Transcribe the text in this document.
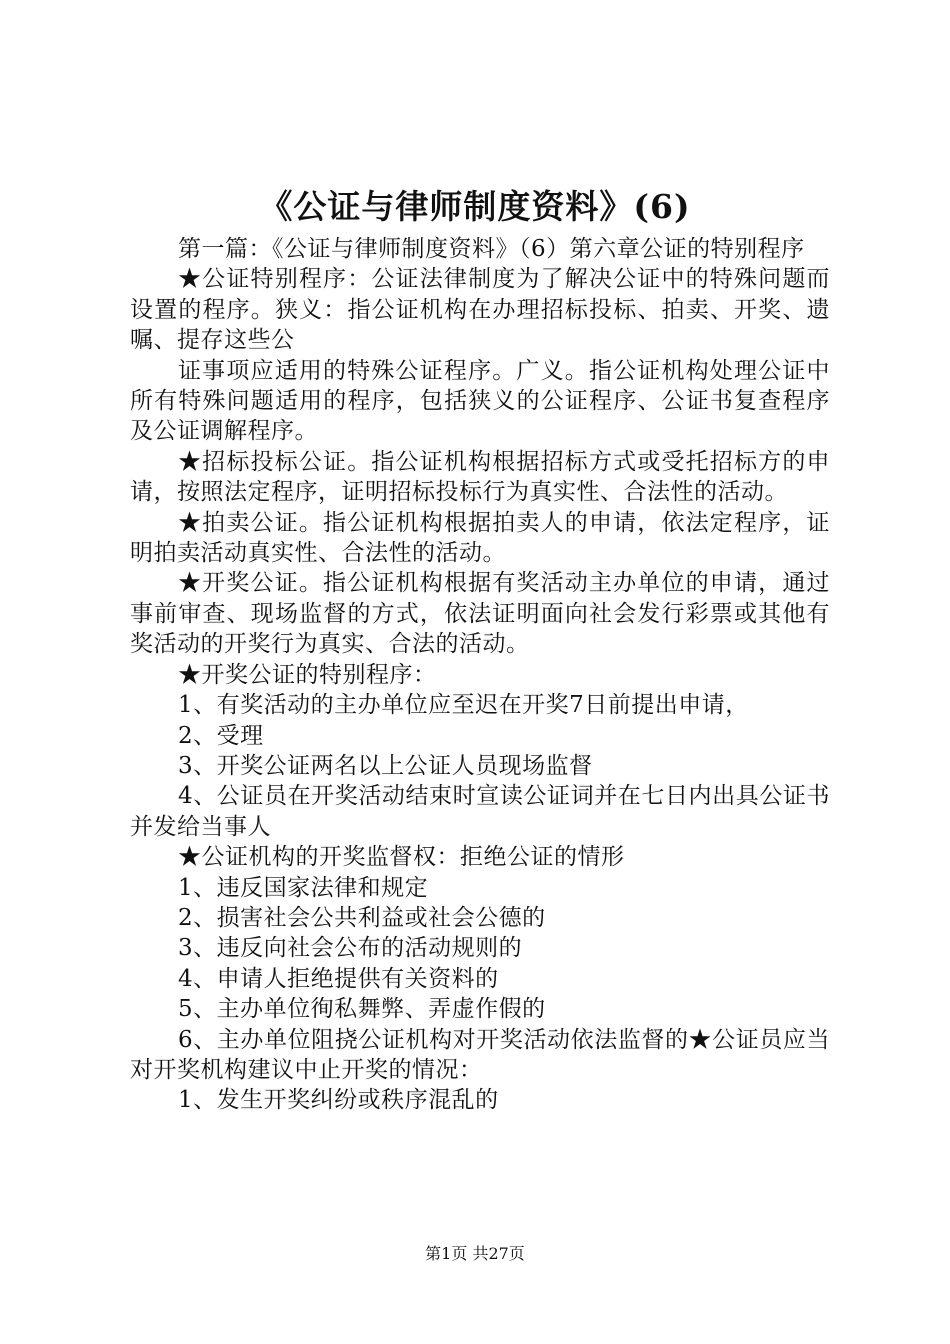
《公证与律师制度资料》(6)

第一篇：《公证与律师制度资料》（6）第六章公证的特别程序

★公证特别程序：公证法律制度为了解决公证中的特殊问题而设置的程序。狭义：指公证机构在办理招标投标、拍卖、开奖、遗嘱、提存这些公

证事项应适用的特殊公证程序。广义。指公证机构处理公证中所有特殊问题适用的程序，包括狭义的公证程序、公证书复查程序及公证调解程序。

★招标投标公证。指公证机构根据招标方式或受托招标方的申请，按照法定程序，证明招标投标行为真实性、合法性的活动。

★拍卖公证。指公证机构根据拍卖人的申请，依法定程序，证明拍卖活动真实性、合法性的活动。

★开奖公证。指公证机构根据有奖活动主办单位的申请，通过事前审查、现场监督的方式，依法证明面向社会发行彩票或其他有奖活动的开奖行为真实、合法的活动。

★开奖公证的特别程序：

1、有奖活动的主办单位应至迟在开奖7日前提出申请，

2、受理

3、开奖公证两名以上公证人员现场监督

4、公证员在开奖活动结束时宣读公证词并在七日内出具公证书并发给当事人

★公证机构的开奖监督权：拒绝公证的情形

1、违反国家法律和规定

2、损害社会公共利益或社会公德的

3、违反向社会公布的活动规则的

4、申请人拒绝提供有关资料的

5、主办单位徇私舞弊、弄虚作假的

6、主办单位阻挠公证机构对开奖活动依法监督的★公证员应当对开奖机构建议中止开奖的情况：

1、发生开奖纠纷或秩序混乱的

第1页 共27页
